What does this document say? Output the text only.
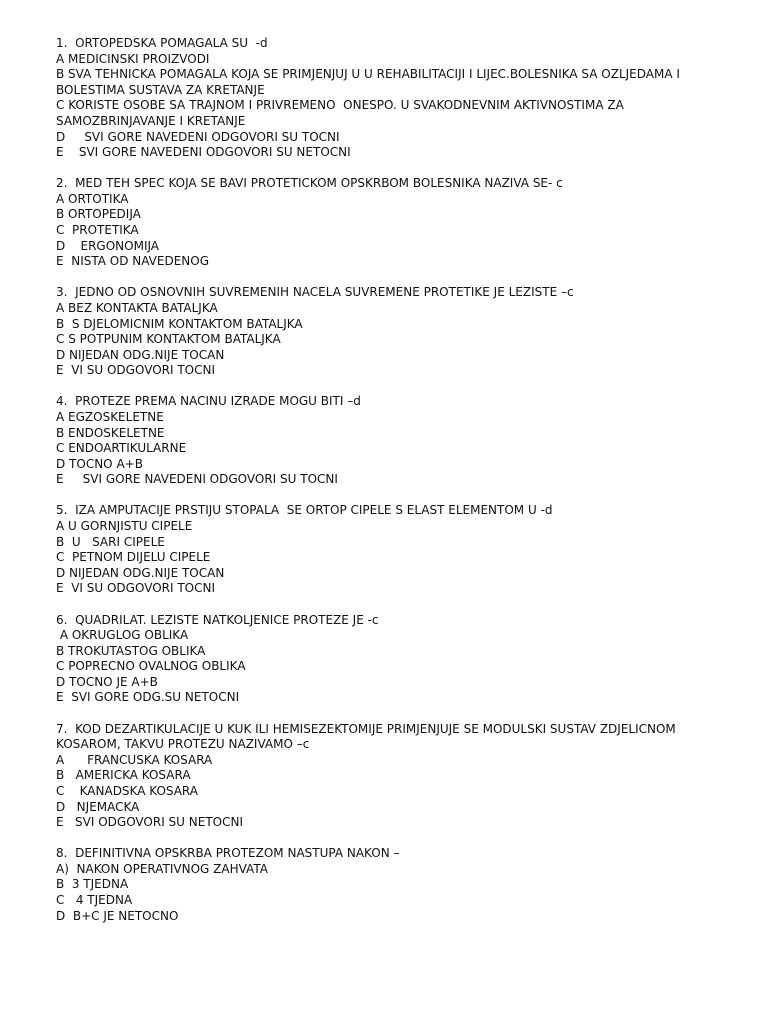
1.  ORTOPEDSKA POMAGALA SU  -d
A MEDICINSKI PROIZVODI
B SVA TEHNICKA POMAGALA KOJA SE PRIMJENJUJ U U REHABILITACIJI I LIJEC.BOLESNIKA SA OZLJEDAMA I
BOLESTIMA SUSTAVA ZA KRETANJE
C KORISTE OSOBE SA TRAJNOM I PRIVREMENO  ONESPO. U SVAKODNEVNIM AKTIVNOSTIMA ZA
SAMOZBRINJAVANJE I KRETANJE
D     SVI GORE NAVEDENI ODGOVORI SU TOCNI
E    SVI GORE NAVEDENI ODGOVORI SU NETOCNI
2.  MED TEH SPEC KOJA SE BAVI PROTETICKOM OPSKRBOM BOLESNIKA NAZIVA SE- c
A ORTOTIKA
B ORTOPEDIJA
C  PROTETIKA
D    ERGONOMIJA
E  NISTA OD NAVEDENOG
3.  JEDNO OD OSNOVNIH SUVREMENIH NACELA SUVREMENE PROTETIKE JE LEZISTE –c
A BEZ KONTAKTA BATALJKA
B  S DJELOMICNIM KONTAKTOM BATALJKA
C S POTPUNIM KONTAKTOM BATALJKA
D NIJEDAN ODG.NIJE TOCAN
E  VI SU ODGOVORI TOCNI
4.  PROTEZE PREMA NACINU IZRADE MOGU BITI –d
A EGZOSKELETNE
B ENDOSKELETNE
C ENDOARTIKULARNE
D TOCNO A+B
E     SVI GORE NAVEDENI ODGOVORI SU TOCNI
5.  IZA AMPUTACIJE PRSTIJU STOPALA  SE ORTOP CIPELE S ELAST ELEMENTOM U -d
A U GORNJISTU CIPELE
B  U   SARI CIPELE
C  PETNOM DIJELU CIPELE
D NIJEDAN ODG.NIJE TOCAN
E  VI SU ODGOVORI TOCNI
6.  QUADRILAT. LEZISTE NATKOLJENICE PROTEZE JE -c
A OKRUGLOG OBLIKA
B TROKUTASTOG OBLIKA
C POPRECNO OVALNOG OBLIKA
D TOCNO JE A+B
E  SVI GORE ODG.SU NETOCNI
7.  KOD DEZARTIKULACIJE U KUK ILI HEMISEZEKTOMIJE PRIMJENJUJE SE MODULSKI SUSTAV ZDJELICNOM
KOSAROM, TAKVU PROTEZU NAZIVAMO –c
A      FRANCUSKA KOSARA
B   AMERICKA KOSARA
C    KANADSKA KOSARA
D   NJEMACKA
E   SVI ODGOVORI SU NETOCNI
8.  DEFINITIVNA OPSKRBA PROTEZOM NASTUPA NAKON –
A)  NAKON OPERATIVNOG ZAHVATA
B  3 TJEDNA
C   4 TJEDNA
D  B+C JE NETOCNO
